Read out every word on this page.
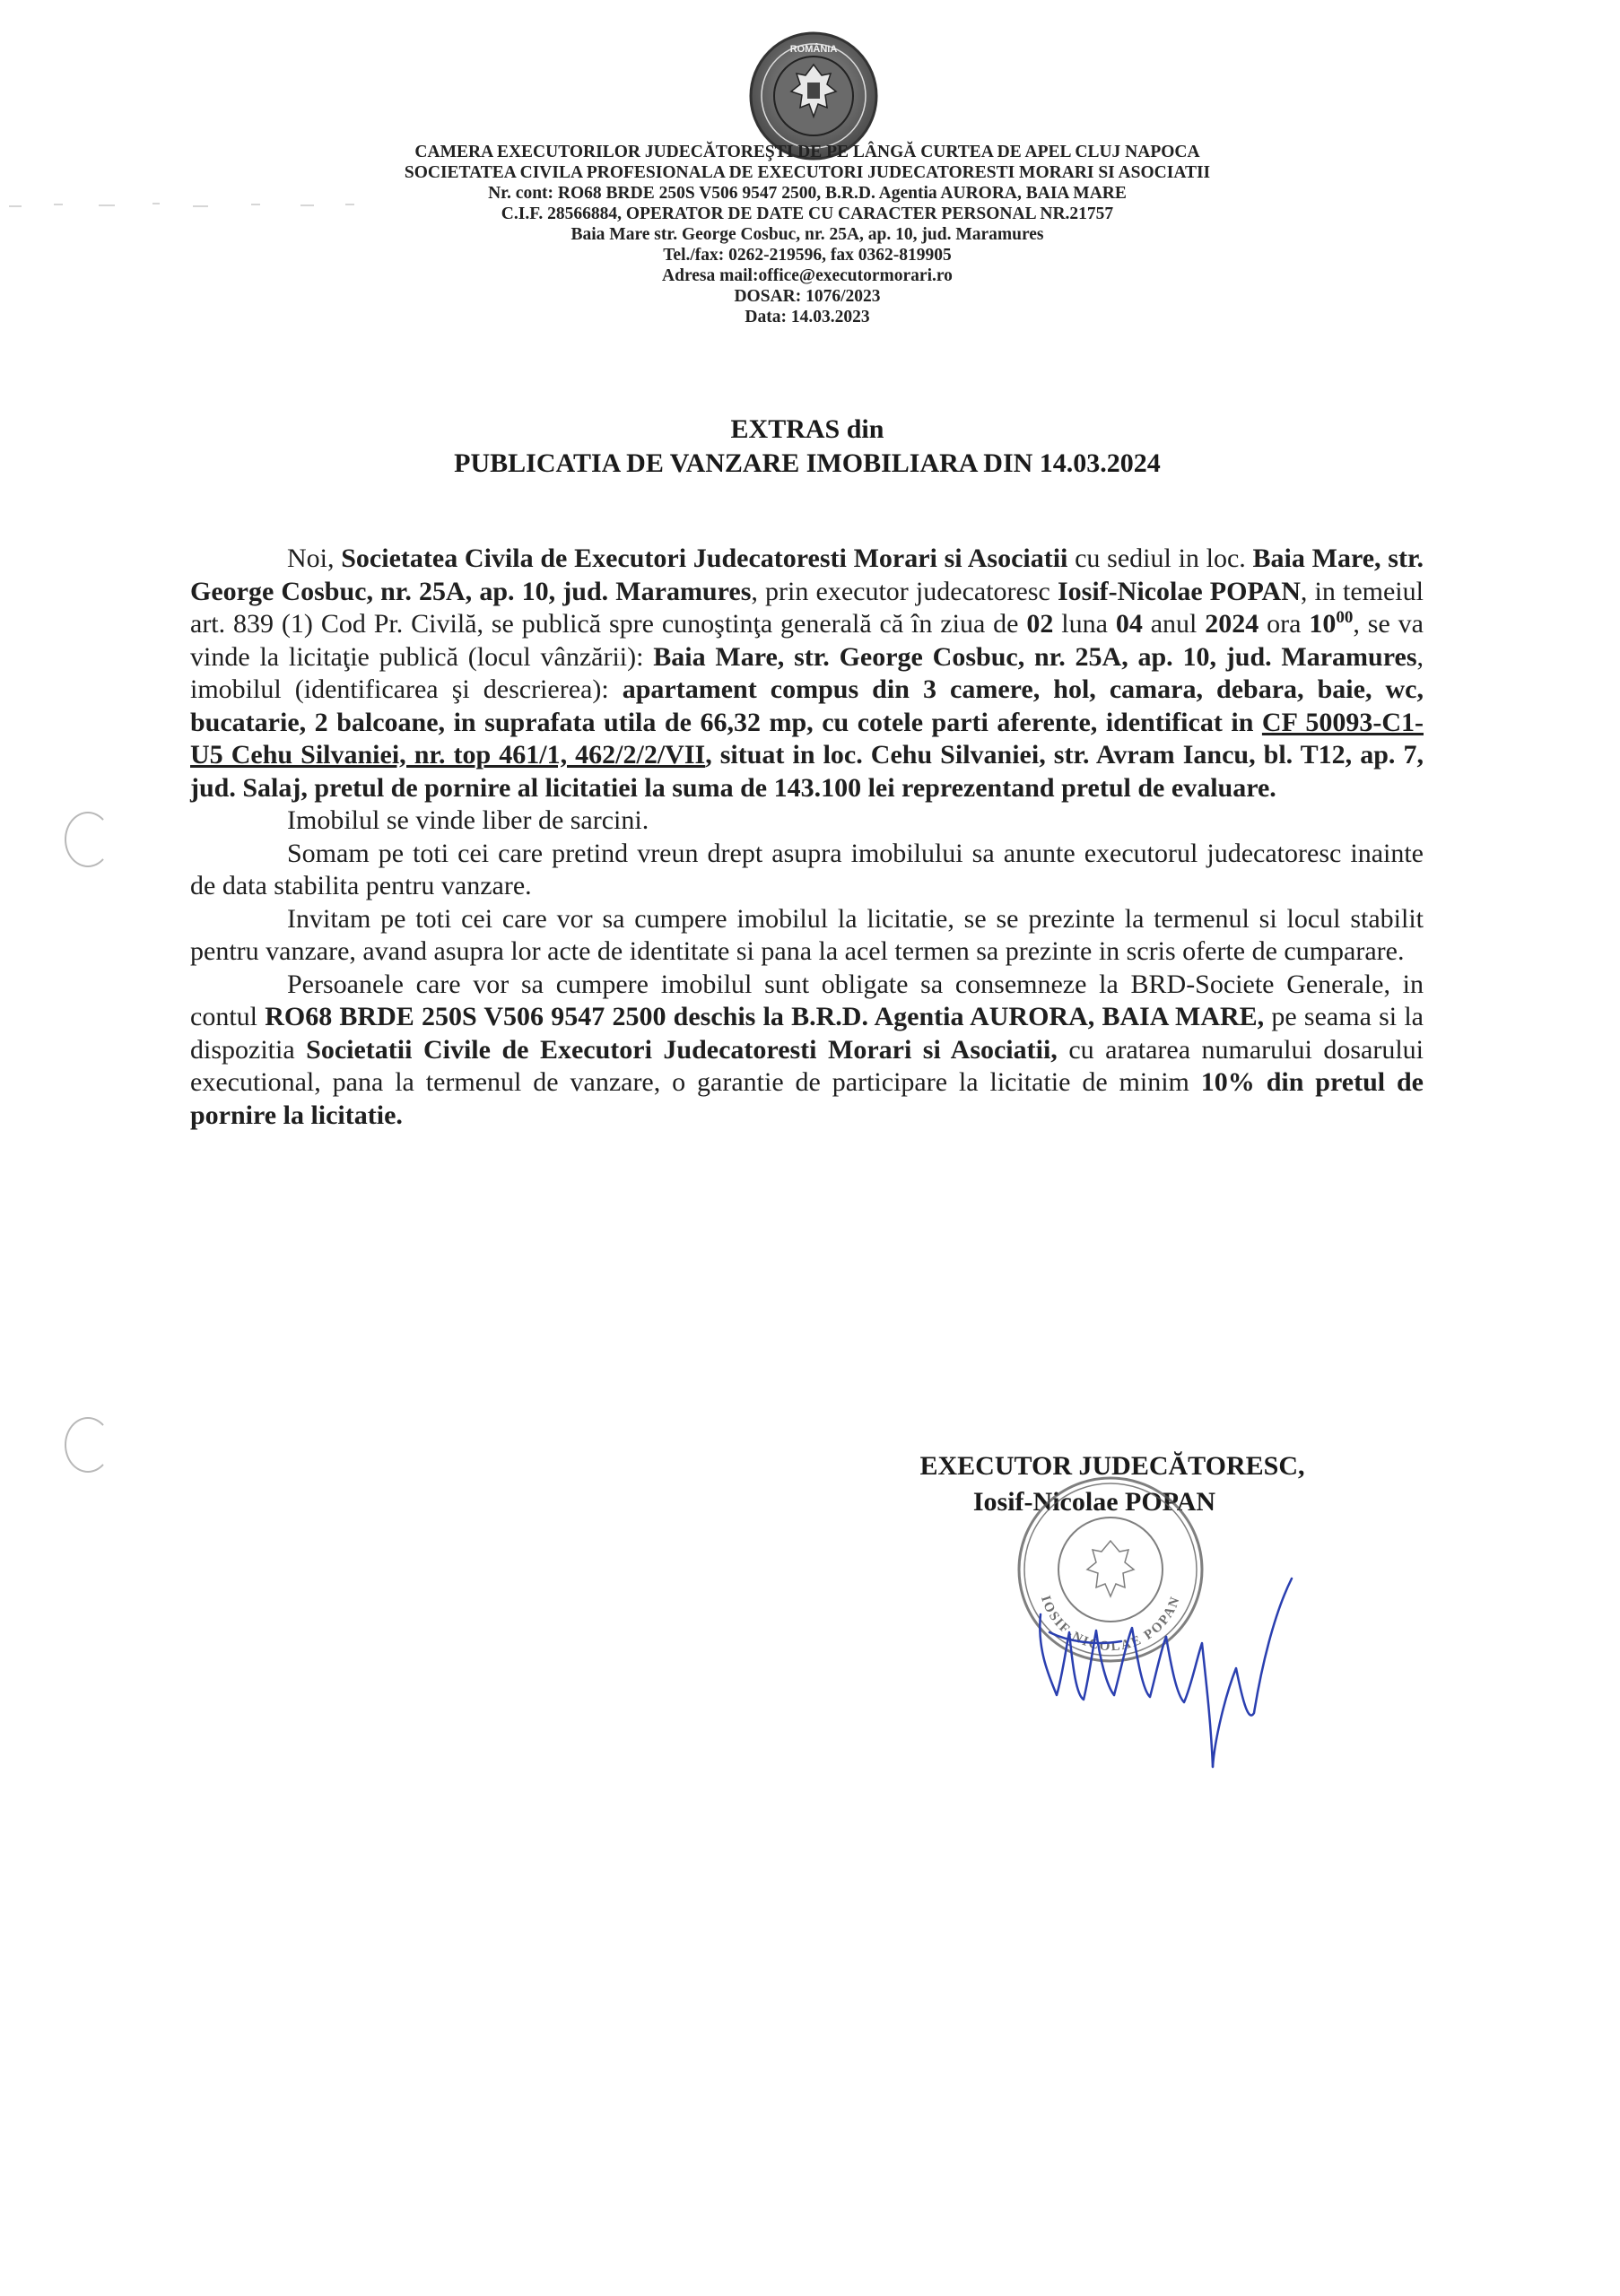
ROMÂNIA
CAMERA EXECUTORILOR JUDECĂTOREŞTI DE PE LÂNGĂ CURTEA DE APEL CLUJ NAPOCA
SOCIETATEA CIVILA PROFESIONALA DE EXECUTORI JUDECATORESTI MORARI SI ASOCIATII
Nr. cont: RO68 BRDE 250S V506 9547 2500, B.R.D. Agentia AURORA, BAIA MARE
C.I.F. 28566884, OPERATOR DE DATE CU CARACTER PERSONAL NR.21757
Baia Mare str. George Cosbuc, nr. 25A, ap. 10, jud. Maramures
Tel./fax: 0262-219596, fax 0362-819905
Adresa mail:office@executormorari.ro
DOSAR: 1076/2023
Data: 14.03.2023
EXTRAS din
PUBLICATIA DE VANZARE IMOBILIARA DIN 14.03.2024

Noi, Societatea Civila de Executori Judecatoresti Morari si Asociatii cu sediul in loc. Baia Mare, str. George Cosbuc, nr. 25A, ap. 10, jud. Maramures, prin executor judecatoresc Iosif-Nicolae POPAN, in temeiul art. 839 (1) Cod Pr. Civilă, se publică spre cunoştinţa generală că în ziua de 02 luna 04 anul 2024 ora $10^{00}$, se va vinde la licitaţie publică (locul vânzării): Baia Mare, str. George Cosbuc, nr. 25A, ap. 10, jud. Maramures, imobilul (identificarea şi descrierea): apartament compus din 3 camere, hol, camara, debara, baie, wc, bucatarie, 2 balcoane, in suprafata utila de 66,32 mp, cu cotele parti aferente, identificat in CF 50093-C1-U5 Cehu Silvaniei, nr. top 461/1, 462/2/2/VII, situat in loc. Cehu Silvaniei, str. Avram Iancu, bl. T12, ap. 7, jud. Salaj, pretul de pornire al licitatiei la suma de 143.100 lei reprezentand pretul de evaluare.

Imobilul se vinde liber de sarcini.

Somam pe toti cei care pretind vreun drept asupra imobilului sa anunte executorul judecatoresc inainte de data stabilita pentru vanzare.

Invitam pe toti cei care vor sa cumpere imobilul la licitatie, se se prezinte la termenul si locul stabilit pentru vanzare, avand asupra lor acte de identitate si pana la acel termen sa prezinte in scris oferte de cumparare.

Persoanele care vor sa cumpere imobilul sunt obligate sa consemneze la BRD-Societe Generale, in contul RO68 BRDE 250S V506 9547 2500 deschis la B.R.D. Agentia AURORA, BAIA MARE, pe seama si la dispozitia Societatii Civile de Executori Judecatoresti Morari si Asociatii, cu aratarea numarului dosarului executional, pana la termenul de vanzare, o garantie de participare la licitatie de minim 10% din pretul de pornire la licitatie.

EXECUTOR JUDECĂTORESC,
Iosif-Nicolae POPAN
IOSIF-NICOLAE POPAN
